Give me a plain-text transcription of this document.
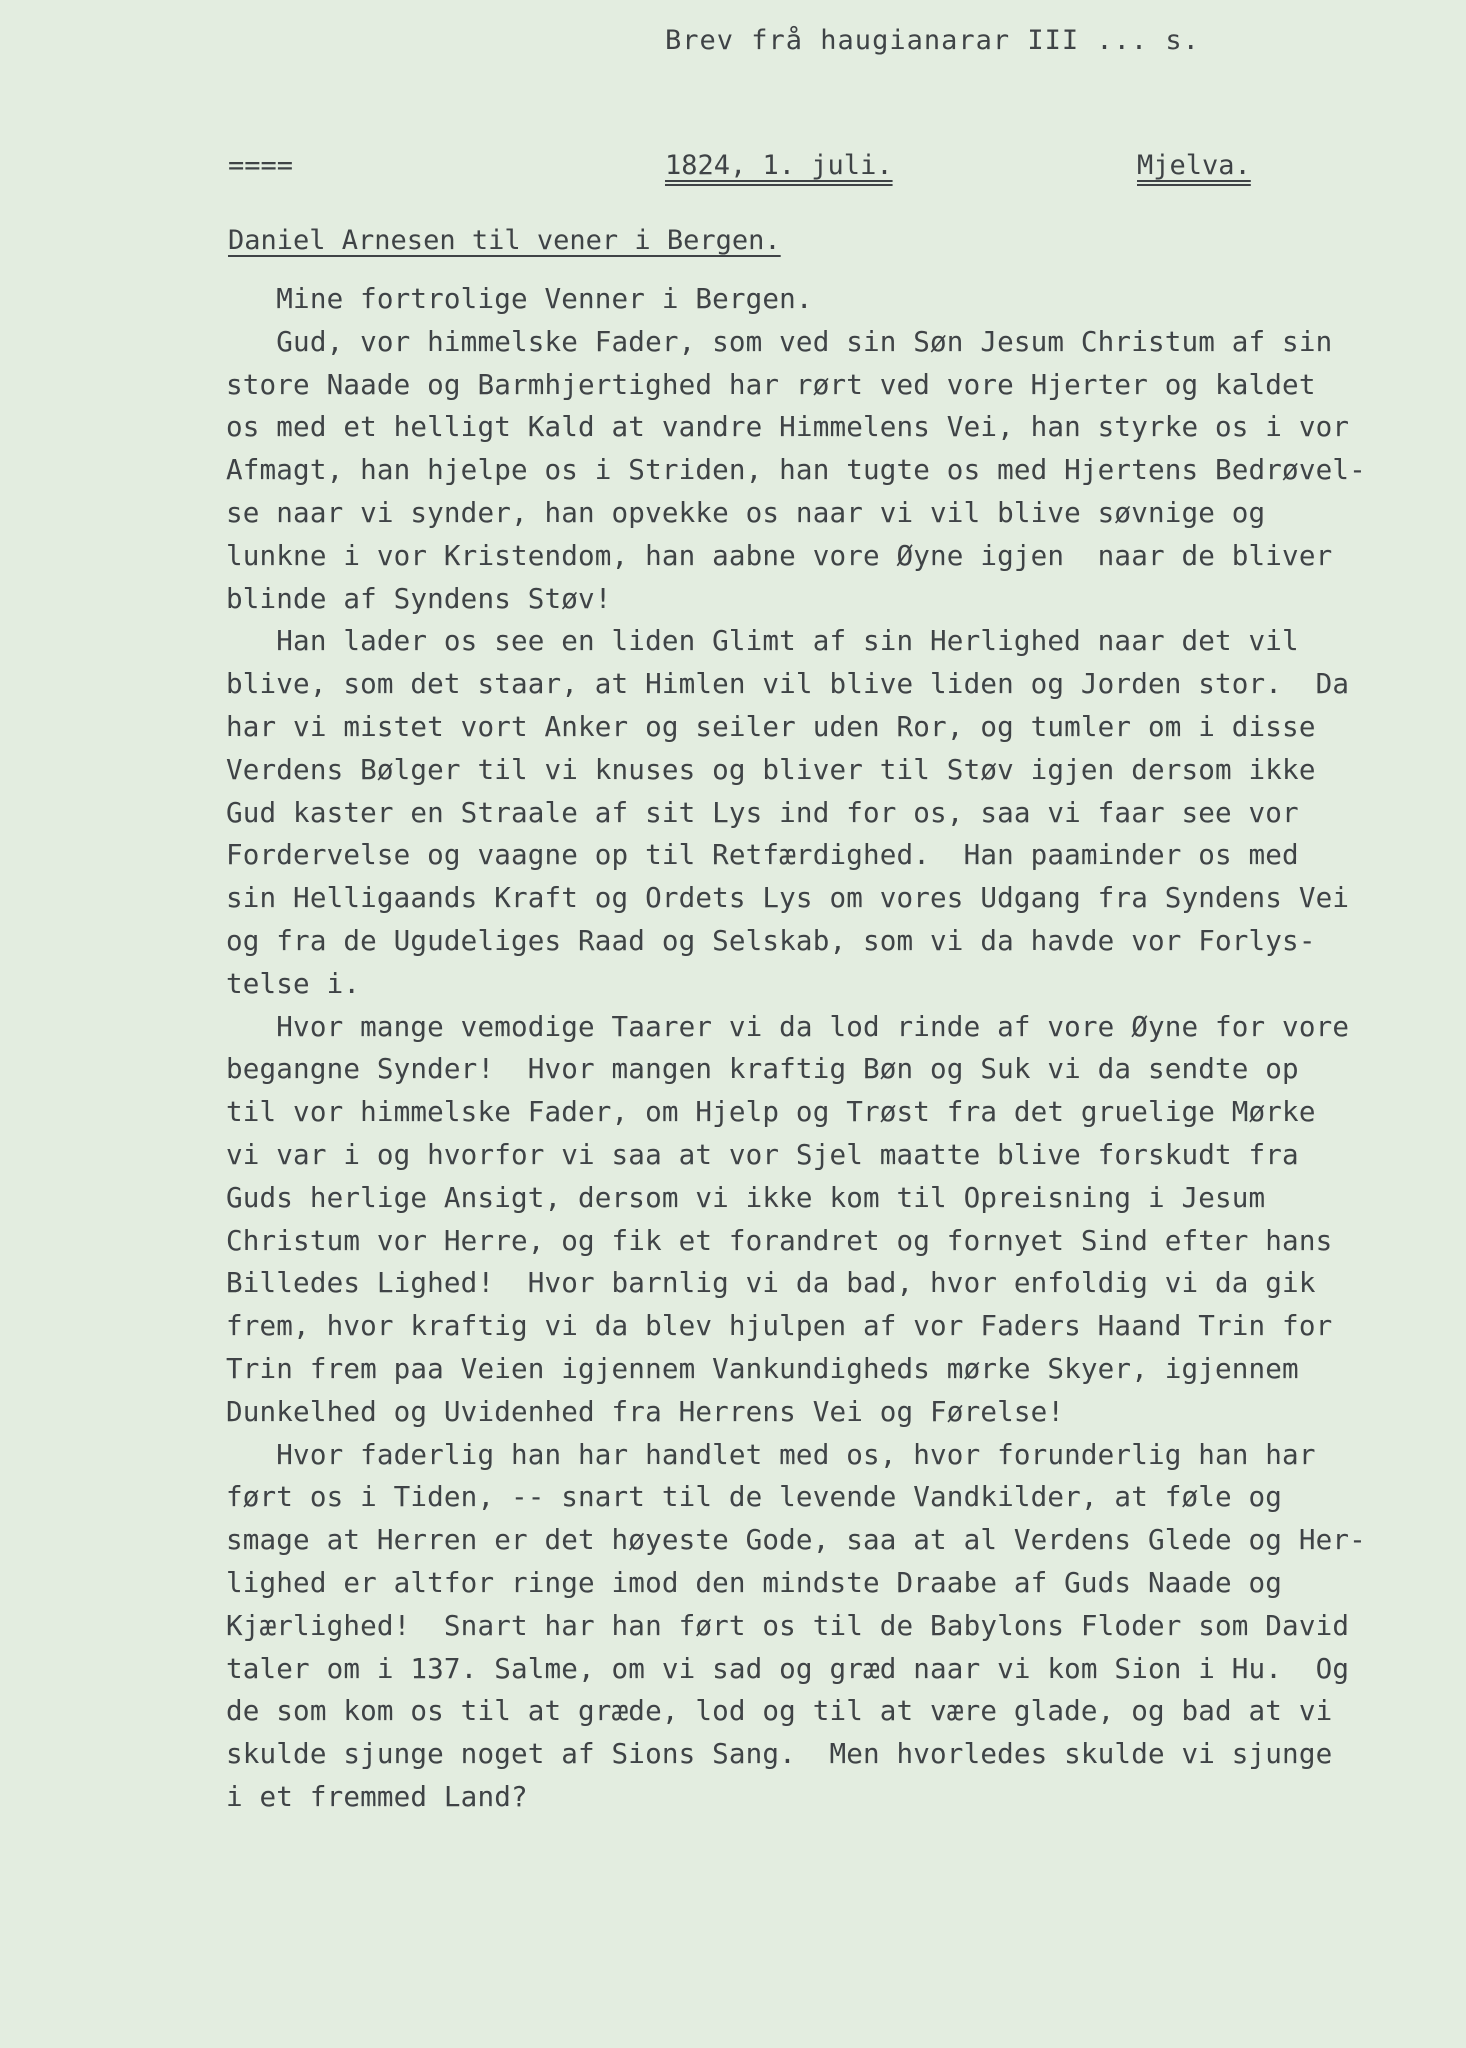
Brev frå haugianarar III ... s.
====	1824, 1. juli.	Mjelva.
Daniel Arnesen til vener i Bergen.
Mine fortrolige Venner i Bergen.
Gud, vor himmelske Fader, som ved sin Søn Jesum Christum af sin
store Naade og Barmhjertighed har rørt ved vore Hjerter og kaldet
os med et helligt Kald at vandre Himmelens Vei, han styrke os i vor
Afmagt, han hjelpe os i Striden, han tugte os med Hjertens Bedrøvel-
se naar vi synder, han opvekke os naar vi vil blive søvnige og
lunkne i vor Kristendom, han aabne vore Øyne igjen  naar de bliver
blinde af Syndens Støv!
Han lader os see en liden Glimt af sin Herlighed naar det vil
blive, som det staar, at Himlen vil blive liden og Jorden stor.  Da
har vi mistet vort Anker og seiler uden Ror, og tumler om i disse
Verdens Bølger til vi knuses og bliver til Støv igjen dersom ikke
Gud kaster en Straale af sit Lys ind for os, saa vi faar see vor
Fordervelse og vaagne op til Retfærdighed.  Han paaminder os med
sin Helligaands Kraft og Ordets Lys om vores Udgang fra Syndens Vei
og fra de Ugudeliges Raad og Selskab, som vi da havde vor Forlys-
telse i.
Hvor mange vemodige Taarer vi da lod rinde af vore Øyne for vore
begangne Synder!  Hvor mangen kraftig Bøn og Suk vi da sendte op
til vor himmelske Fader, om Hjelp og Trøst fra det gruelige Mørke
vi var i og hvorfor vi saa at vor Sjel maatte blive forskudt fra
Guds herlige Ansigt, dersom vi ikke kom til Opreisning i Jesum
Christum vor Herre, og fik et forandret og fornyet Sind efter hans
Billedes Lighed!  Hvor barnlig vi da bad, hvor enfoldig vi da gik
frem, hvor kraftig vi da blev hjulpen af vor Faders Haand Trin for
Trin frem paa Veien igjennem Vankundigheds mørke Skyer, igjennem
Dunkelhed og Uvidenhed fra Herrens Vei og Førelse!
Hvor faderlig han har handlet med os, hvor forunderlig han har
ført os i Tiden, -- snart til de levende Vandkilder, at føle og
smage at Herren er det høyeste Gode, saa at al Verdens Glede og Her-
lighed er altfor ringe imod den mindste Draabe af Guds Naade og
Kjærlighed!  Snart har han ført os til de Babylons Floder som David
taler om i 137. Salme, om vi sad og græd naar vi kom Sion i Hu.  Og
de som kom os til at græde, lod og til at være glade, og bad at vi
skulde sjunge noget af Sions Sang.  Men hvorledes skulde vi sjunge
i et fremmed Land?
